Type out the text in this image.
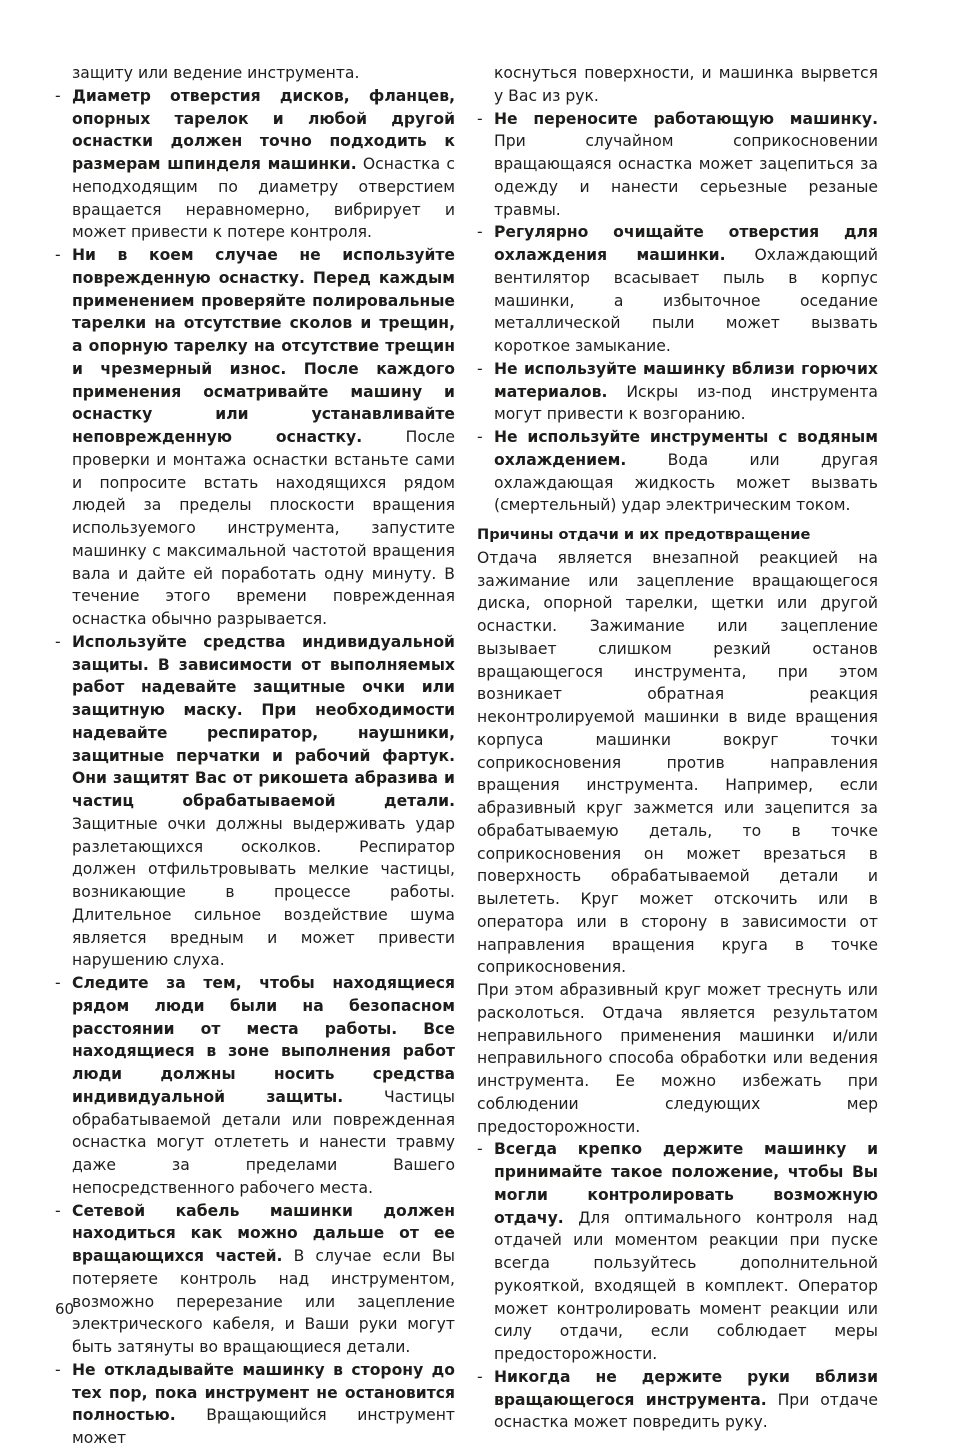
защиту или ведение инструмента.

- Диаметр отверстия дисков, фланцев, опорных тарелок и любой другой оснастки должен точно подходить к размерам шпинделя машинки. Оснастка с неподходящим по диаметру отверстием вращается неравномерно, вибрирует и может привести к потере контроля.
- Ни в коем случае не используйте поврежденную оснастку. Перед каждым применением проверяйте полировальные тарелки на отсутствие сколов и трещин, а опорную тарелку на отсутствие трещин и чрезмерный износ. После каждого применения осматривайте машину и оснастку или устанавливайте неповрежденную оснастку. После проверки и монтажа оснастки встаньте сами и попросите встать находящихся рядом людей за пределы плоскости вращения используемого инструмента, запустите машинку с максимальной частотой вращения вала и дайте ей поработать одну минуту. В течение этого времени поврежденная оснастка обычно разрывается.
- Используйте средства индивидуальной защиты. В зависимости от выполняемых работ надевайте защитные очки или защитную маску. При необходимости надевайте респиратор, наушники, защитные перчатки и рабочий фартук. Они защитят Вас от рикошета абразива и частиц обрабатываемой детали. Защитные очки должны выдерживать удар разлетающихся осколков. Респиратор должен отфильтровывать мелкие частицы, возникающие в процессе работы. Длительное сильное воздействие шума является вредным и может привести нарушению слуха.
- Следите за тем, чтобы находящиеся рядом люди были на безопасном расстоянии от места работы. Все находящиеся в зоне выполнения работ люди должны носить средства индивидуальной защиты. Частицы обрабатываемой детали или поврежденная оснастка могут отлететь и нанести травму даже за пределами Вашего непосредственного рабочего места.
- Сетевой кабель машинки должен находиться как можно дальше от ее вращающихся частей. В случае если Вы потеряете контроль над инструментом, возможно перерезание или зацепление электрического кабеля, и Ваши руки могут быть затянуты во вращающиеся детали.
- Не откладывайте машинку в сторону до тех пор, пока инструмент не остановится полностью. Вращающийся инструмент может

коснуться поверхности, и машинка вырвется у Вас из рук.

- Не переносите работающую машинку. При случайном соприкосновении вращающаяся оснастка может зацепиться за одежду и нанести серьезные резаные травмы.
- Регулярно очищайте отверстия для охлаждения машинки. Охлаждающий вентилятор всасывает пыль в корпус машинки, а избыточное оседание металлической пыли может вызвать короткое замыкание.
- Не используйте машинку вблизи горючих материалов. Искры из-под инструмента могут привести к возгоранию.
- Не используйте инструменты с водяным охлаждением. Вода или другая охлаждающая жидкость может вызвать (смертельный) удар электрическим током.

Причины отдачи и их предотвращение

Отдача является внезапной реакцией на зажимание или зацепление вращающегося диска, опорной тарелки, щетки или другой оснастки. Зажимание или зацепление вызывает слишком резкий останов вращающегося инструмента, при этом возникает обратная реакция неконтролируемой машинки в виде вращения корпуса машинки вокруг точки соприкосновения против направления вращения инструмента. Например, если абразивный круг зажмется или зацепится за обрабатываемую деталь, то в точке соприкосновения он может врезаться в поверхность обрабатываемой детали и вылететь. Круг может отскочить или в оператора или в сторону в зависимости от направления вращения круга в точке соприкосновения.

При этом абразивный круг может треснуть или расколоться. Отдача является результатом неправильного применения машинки и/или неправильного способа обработки или ведения инструмента. Ее можно избежать при соблюдении следующих мер предосторожности.

- Всегда крепко держите машинку и принимайте такое положение, чтобы Вы могли контролировать возможную отдачу. Для оптимального контроля над отдачей или моментом реакции при пуске всегда пользуйтесь дополнительной рукояткой, входящей в комплект. Оператор может контролировать момент реакции или силу отдачи, если соблюдает меры предосторожности.
- Никогда не держите руки вблизи вращающегося инструмента. При отдаче оснастка может повредить руку.
60
